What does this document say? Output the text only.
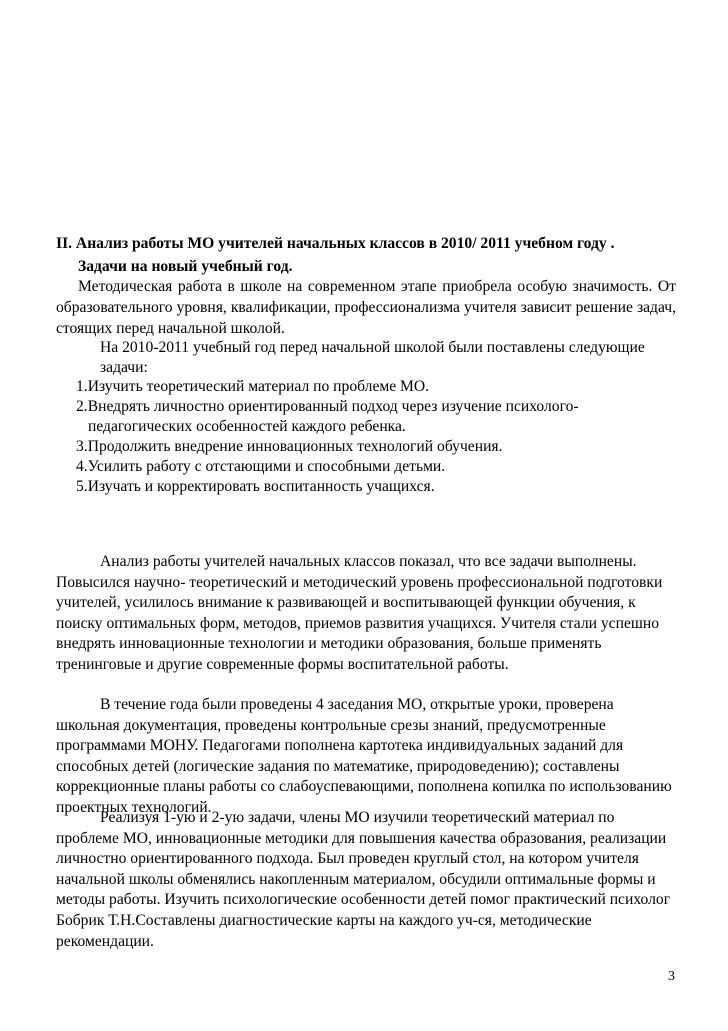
II. Анализ работы МО учителей начальных классов в 2010/ 2011 учебном году .
Задачи на новый учебный год.

Методическая работа в школе на современном этапе приобрела особую значимость. От образовательного уровня, квалификации, профессионализма учителя зависит решение задач, стоящих перед начальной школой.

На 2010-2011 учебный год перед начальной школой были поставлены следующие задачи:

1.Изучить теоретический материал по проблеме МО.
2.Внедрять личностно ориентированный подход через изучение психолого-педагогических особенностей каждого ребенка.
3.Продолжить внедрение инновационных технологий обучения.
4.Усилить работу с отстающими и способными детьми.
5.Изучать и корректировать воспитанность учащихся.

Анализ работы учителей начальных классов показал, что все задачи выполнены. Повысился научно- теоретический и методический уровень профессиональной подготовки учителей, усилилось внимание к развивающей и воспитывающей функции обучения, к поиску оптимальных форм, методов, приемов развития учащихся. Учителя стали успешно внедрять инновационные технологии и методики образования, больше применять тренинговые и другие современные формы воспитательной работы.

В течение года были проведены 4 заседания МО, открытые уроки, проверена школьная документация, проведены контрольные срезы знаний, предусмотренные программами МОНУ. Педагогами пополнена картотека индивидуальных заданий для способных детей (логические задания по математике, природоведению); составлены коррекционные планы работы со слабоуспевающими, пополнена копилка по использованию проектных технологий.

Реализуя 1-ую и 2-ую задачи, члены МО изучили теоретический материал по проблеме МО, инновационные методики для повышения качества образования, реализации личностно ориентированного подхода. Был проведен круглый стол, на котором учителя начальной школы обменялись накопленным материалом, обсудили оптимальные формы и методы работы. Изучить психологические особенности детей помог практический психолог Бобрик Т.Н.Составлены диагностические карты на каждого уч-ся, методические рекомендации.

3
